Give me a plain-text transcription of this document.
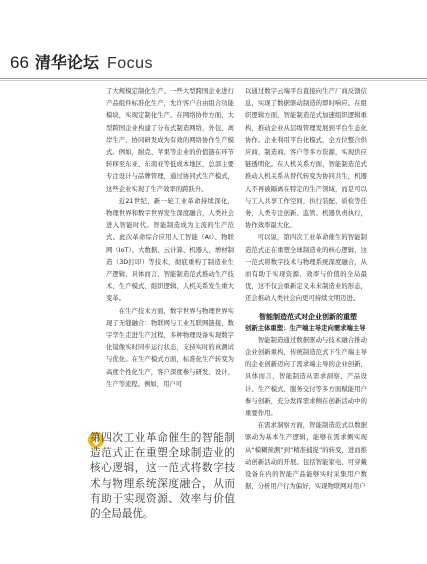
66 清华论坛 Focus

了大规模定制化生产。一些大型跨国企业进行产品组件标准化生产，允许客户自由组合功能模块，实现定制化生产。在网络协作方面，大型跨国企业构建了分布式制造网络，外包、离岸生产、协同研发成为有效的网络协作生产模式。例如，耐克、苹果等企业的价值链在环节转移至东亚、东南亚等低成本地区，总部主要专注设计与品牌管理，通过协同式生产模式，这些企业实现了生产效率的跨跃升。

近21世纪，新一轮工业革命持续深化，物理世界和数字世界发生深度融合，人类社会进入智能时代。智能制造成为主流的生产范式。此次革命综合应用人工智能（AI）、物联网（IoT）、大数据、云计算、机器人、增材制造（3D打印）等技术，彻底重构了制造业生产逻辑，具体而言，智能制造范式推动生产技术、生产模式、组织逻辑、人机关系发生重大变革。

在生产技术方面，数字世界与物理世界实现了无缝融合：物联网与工业互联网链接，数字孪生走进生产过程，多种物理设备实现数字化镜像实时同步运行状态，支持实时的真测试与优化。在生产模式方面，标准化生产转变为高度个性化生产，客户深度参与研发、设计、生产等流程。例如，用户可

第四次工业革命催生的智能制造范式正在重塑全球制造业的核心逻辑，这一范式将数字技术与物理系统深度融合，从而有助于实现资源、效率与价值的全局最优。

以通过数字云端平台直接向生产厂商反馈信息，实现了数据驱动制造的即时响应。在组织逻辑方面，智能制造范式加速组织逻辑重构，推动企业从层级管理发展到平台生态化协作。企业利用平台化模式，全方位整合供应商、制造商、客户等多方资源，实现供应链透明化。在人机关系方面，智能制造范式推动人机关系从替代转变为协同共生，机器人不再被隔离在特定的生产领域，而是可以与工人共享工作空间，执行装配、质检等任务，人类专注创新、监管、机器负责执行，协作效率最大化。

可以说，第四次工业革命催生的智能制造范式正在重塑全球制造业的核心逻辑，这一范式将数字技术与物理系统深度融合，从而有助于实现资源、效率与价值的全局最优，这不仅会重新定义未来制造业的形态，还会推动人类社会向更可持续文明迈进。

智能制造范式对企业创新的重塑

创新主体重塑：生产端主导走向需求端主导

智能制造通过数据驱动与技术融合推动企业创新重构，传统制造范式下生产端主导的企业创新迈向了需求端主导的企业创新，具体而言，智能制造从需求洞察、产品设计、生产模式、服务交付等多方面赋能用户参与创新，充分发挥需求侧在创新活动中的重要作用。

在需求洞察方面，智能制造范式以数据驱动为基本生产逻辑，能够在需求侧实现从“模糊预测”到“精准捕捉”的转变，进而推动创新活动的开展。包括智能家电、可穿戴设备在内的智能产品能够实时采集用户数据，分析用户行为偏好，实现物联网对用户
